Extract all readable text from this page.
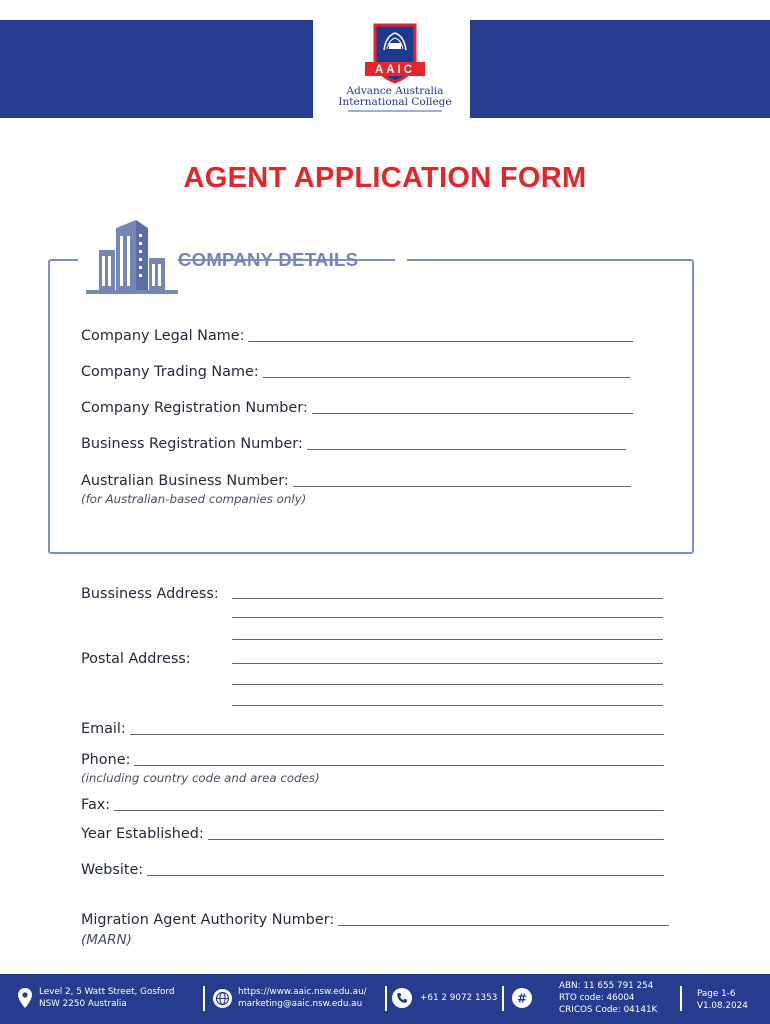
AAIC
Advance Australia
International College
AGENT APPLICATION FORM
COMPANY DETAILS
Company Legal Name:
Company Trading Name:
Company Registration Number:
Business Registration Number:
Australian Business Number:
(for Australian-based companies only)
Bussiness Address:
Postal Address:
Email:
Phone:
(including country code and area codes)
Fax:
Year Established:
Website:
Migration Agent Authority Number:
(MARN)
Level 2, 5 Watt Street, Gosford
NSW 2250 Australia
https://www.aaic.nsw.edu.au/
marketing@aaic.nsw.edu.au
+61 2 9072 1353 #
ABN: 11 655 791 254
RTO code: 46004
CRICOS Code: 04141K
Page 1-6
V1.08.2024
